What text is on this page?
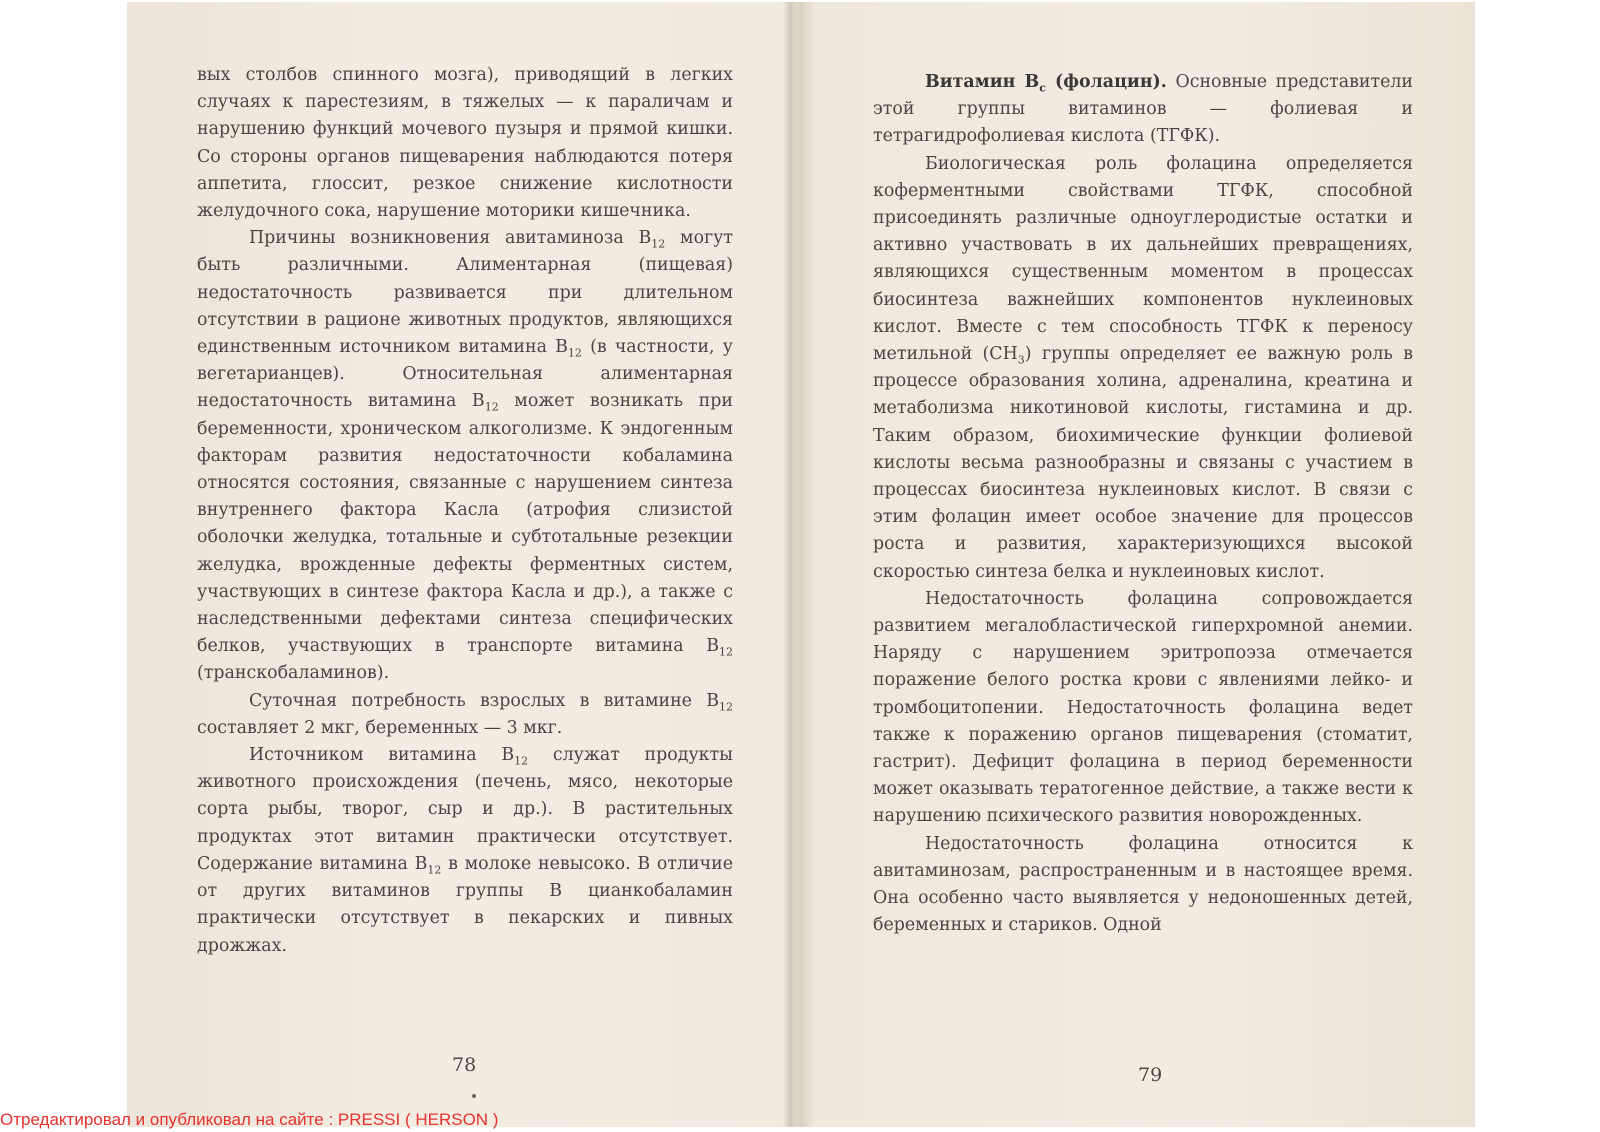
вых столбов спинного мозга), приводящий в легких случаях к парестезиям, в тяжелых — к параличам и нарушению функций мочевого пузыря и прямой кишки. Со стороны органов пищеварения наблюдаются потеря аппетита, глоссит, резкое снижение кислотности желудочного сока, нарушение моторики кишечника.

Причины возникновения авитаминоза $B_{12}$ могут быть различными. Алиментарная (пищевая) недостаточность развивается при длительном отсутствии в рационе животных продуктов, являющихся единственным источником витамина $B_{12}$ (в частности, у вегетарианцев). Относительная алиментарная недостаточность витамина $B_{12}$ может возникать при беременности, хроническом алкоголизме. К эндогенным факторам развития недостаточности кобаламина относятся состояния, связанные с нарушением синтеза внутреннего фактора Касла (атрофия слизистой оболочки желудка, тотальные и субтотальные резекции желудка, врожденные дефекты ферментных систем, участвующих в синтезе фактора Касла и др.), а также с наследственными дефектами синтеза специфических белков, участвующих в транспорте витамина $B_{12}$ (транскобаламинов).

Суточная потребность взрослых в витамине $B_{12}$ составляет 2 мкг, беременных — 3 мкг.

Источником витамина $B_{12}$ служат продукты животного происхождения (печень, мясо, некоторые сорта рыбы, творог, сыр и др.). В растительных продуктах этот витамин практически отсутствует. Содержание витамина $B_{12}$ в молоке невысоко. В отличие от других витаминов группы B цианкобаламин практически отсутствует в пекарских и пивных дрожжах.

Витамин $B_c$ (фолацин). Основные представители этой группы витаминов — фолиевая и тетрагидрофолиевая кислота (ТГФК).

Биологическая роль фолацина определяется коферментными свойствами ТГФК, способной присоединять различные одноуглеродистые остатки и активно участвовать в их дальнейших превращениях, являющихся существенным моментом в процессах биосинтеза важнейших компонентов нуклеиновых кислот. Вместе с тем способность ТГФК к переносу метильной $(CH_3)$ группы определяет ее важную роль в процессе образования холина, адреналина, креатина и метаболизма никотиновой кислоты, гистамина и др. Таким образом, биохимические функции фолиевой кислоты весьма разнообразны и связаны с участием в процессах биосинтеза нуклеиновых кислот. В связи с этим фолацин имеет особое значение для процессов роста и развития, характеризующихся высокой скоростью синтеза белка и нуклеиновых кислот.

Недостаточность фолацина сопровождается развитием мегалобластической гиперхромной анемии. Наряду с нарушением эритропоэза отмечается поражение белого ростка крови с явлениями лейко- и тромбоцитопении. Недостаточность фолацина ведет также к поражению органов пищеварения (стоматит, гастрит). Дефицит фолацина в период беременности может оказывать тератогенное действие, а также вести к нарушению психического развития новорожденных.

Недостаточность фолацина относится к авитаминозам, распространенным и в настоящее время. Она особенно часто выявляется у недоношенных детей, беременных и стариков. Одной

78	79
Отредактировал и опубликовал на сайте : PRESSI ( HERSON )
